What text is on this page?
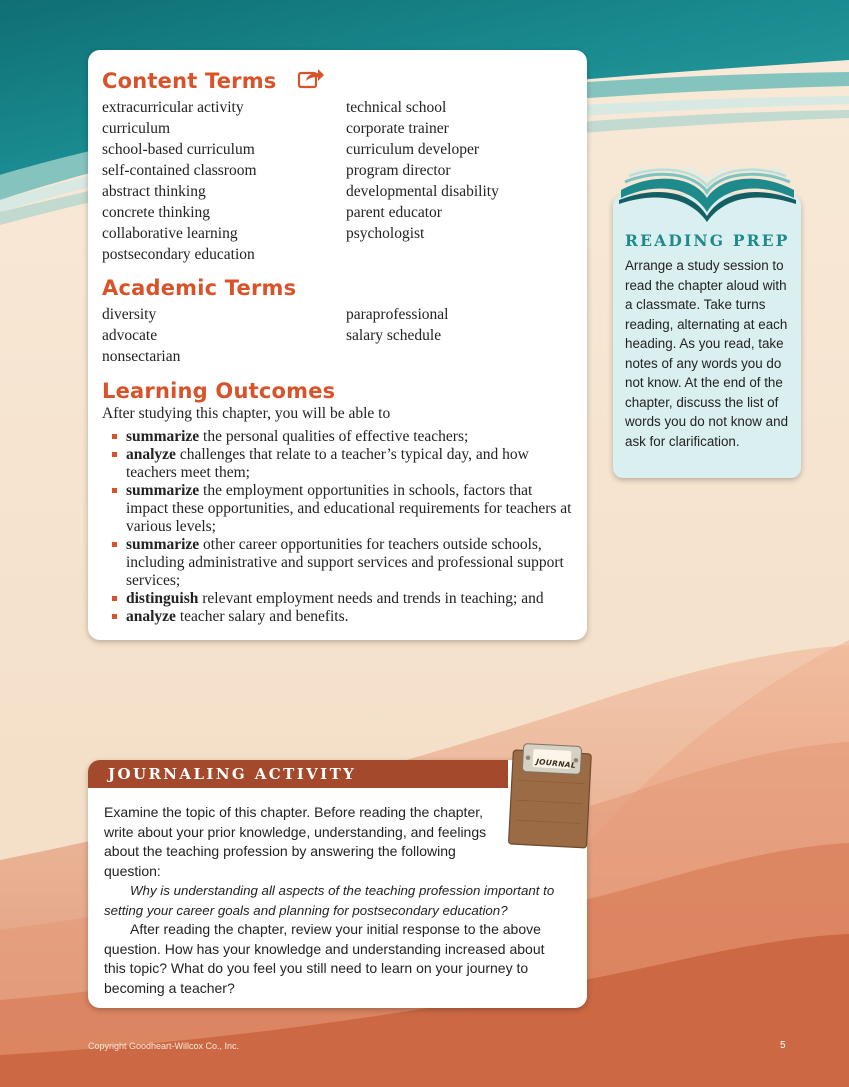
Content Terms
extracurricular activity
curriculum
school-based curriculum
self-contained classroom
abstract thinking
concrete thinking
collaborative learning
postsecondary education
technical school
corporate trainer
curriculum developer
program director
developmental disability
parent educator
psychologist
Academic Terms
diversity
advocate
nonsectarian
paraprofessional
salary schedule
Learning Outcomes

After studying this chapter, you will be able to

summarize the personal qualities of effective teachers;
analyze challenges that relate to a teacher’s typical day, and how teachers meet them;
summarize the employment opportunities in schools, factors that impact these opportunities, and educational requirements for teachers at various levels;
summarize other career opportunities for teachers outside schools, including administrative and support services and professional support services;
distinguish relevant employment needs and trends in teaching; and
analyze teacher salary and benefits.
READING PREP

Arrange a study session to read the chapter aloud with a classmate. Take turns reading, alternating at each heading. As you read, take notes of any words you do not know. At the end of the chapter, discuss the list of words you do not know and ask for clarification.

JOURNALING ACTIVITY

Examine the topic of this chapter. Before reading the chapter, write about your prior knowledge, understanding, and feelings about the teaching profession by answering the following question:

Why is understanding all aspects of the teaching profession important to setting your career goals and planning for postsecondary education?

After reading the chapter, review your initial response to the above question. How has your knowledge and understanding increased about this topic? What do you feel you still need to learn on your journey to becoming a teacher?

JOURNAL

Copyright Goodheart-Willcox Co., Inc.	5
